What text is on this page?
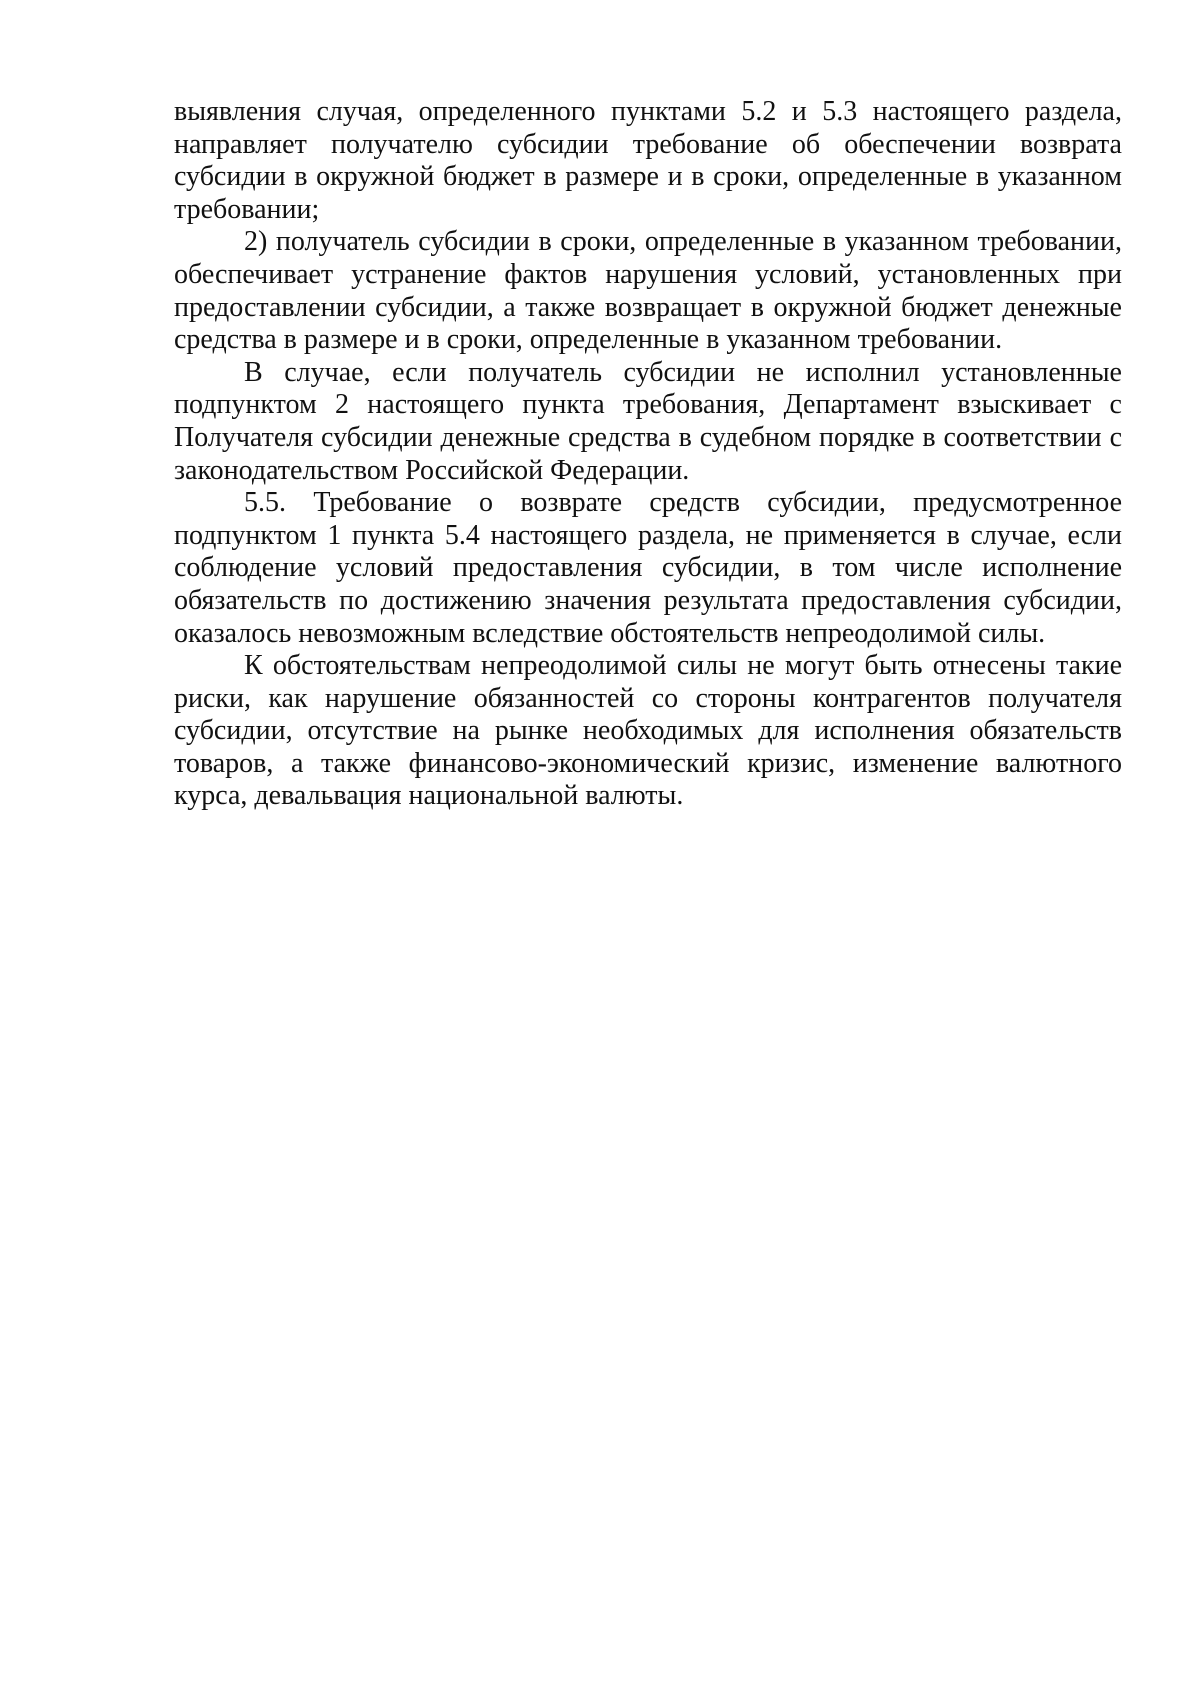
выявления случая, определенного пунктами 5.2 и 5.3 настоящего раздела, направляет получателю субсидии требование об обеспечении возврата субсидии в окружной бюджет в размере и в сроки, определенные в указанном требовании;

2) получатель субсидии в сроки, определенные в указанном требовании, обеспечивает устранение фактов нарушения условий, установленных при предоставлении субсидии, а также возвращает в окружной бюджет денежные средства в размере и в сроки, определенные в указанном требовании.

В случае, если получатель субсидии не исполнил установленные подпунктом 2 настоящего пункта требования, Департамент взыскивает с Получателя субсидии денежные средства в судебном порядке в соответствии с законодательством Российской Федерации.

5.5. Требование о возврате средств субсидии, предусмотренное подпунктом 1 пункта 5.4 настоящего раздела, не применяется в случае, если соблюдение условий предоставления субсидии, в том числе исполнение обязательств по достижению значения результата предоставления субсидии, оказалось невозможным вследствие обстоятельств непреодолимой силы.

К обстоятельствам непреодолимой силы не могут быть отнесены такие риски, как нарушение обязанностей со стороны контрагентов получателя субсидии, отсутствие на рынке необходимых для исполнения обязательств товаров, а также финансово-экономический кризис, изменение валютного курса, девальвация национальной валюты.
